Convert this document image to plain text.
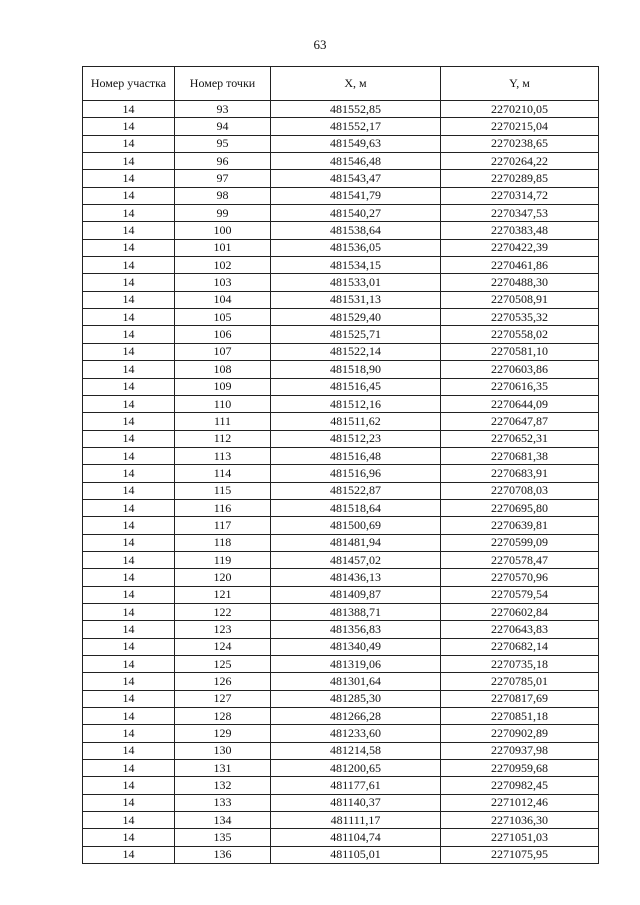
63
Номер участка	Номер точки	X, м	Y, м
14	93	481552,85	2270210,05
14	94	481552,17	2270215,04
14	95	481549,63	2270238,65
14	96	481546,48	2270264,22
14	97	481543,47	2270289,85
14	98	481541,79	2270314,72
14	99	481540,27	2270347,53
14	100	481538,64	2270383,48
14	101	481536,05	2270422,39
14	102	481534,15	2270461,86
14	103	481533,01	2270488,30
14	104	481531,13	2270508,91
14	105	481529,40	2270535,32
14	106	481525,71	2270558,02
14	107	481522,14	2270581,10
14	108	481518,90	2270603,86
14	109	481516,45	2270616,35
14	110	481512,16	2270644,09
14	111	481511,62	2270647,87
14	112	481512,23	2270652,31
14	113	481516,48	2270681,38
14	114	481516,96	2270683,91
14	115	481522,87	2270708,03
14	116	481518,64	2270695,80
14	117	481500,69	2270639,81
14	118	481481,94	2270599,09
14	119	481457,02	2270578,47
14	120	481436,13	2270570,96
14	121	481409,87	2270579,54
14	122	481388,71	2270602,84
14	123	481356,83	2270643,83
14	124	481340,49	2270682,14
14	125	481319,06	2270735,18
14	126	481301,64	2270785,01
14	127	481285,30	2270817,69
14	128	481266,28	2270851,18
14	129	481233,60	2270902,89
14	130	481214,58	2270937,98
14	131	481200,65	2270959,68
14	132	481177,61	2270982,45
14	133	481140,37	2271012,46
14	134	481111,17	2271036,30
14	135	481104,74	2271051,03
14	136	481105,01	2271075,95
